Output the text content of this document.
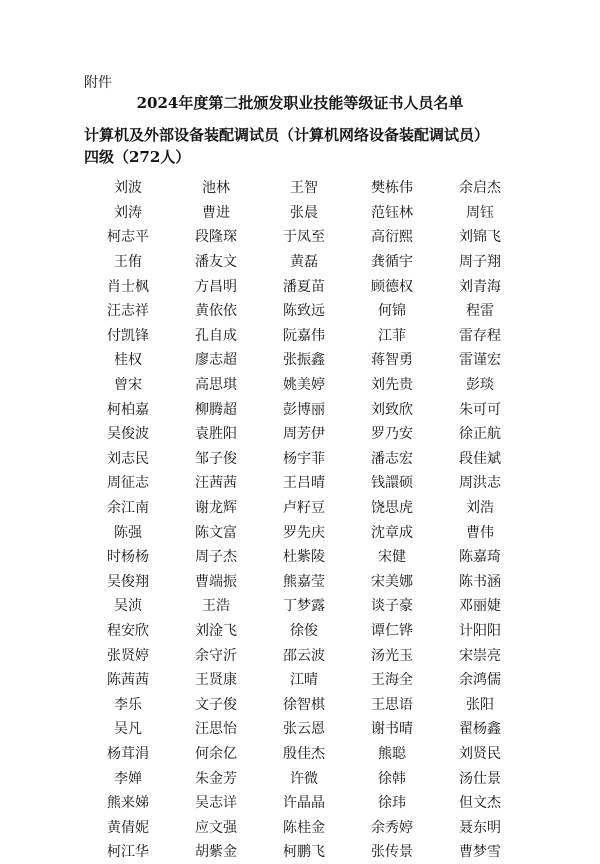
附件
2024年度第二批颁发职业技能等级证书人员名单
计算机及外部设备装配调试员（计算机网络设备装配调试员）
四级（272人）
刘波	池林	王智	樊栋伟	余启杰
刘涛	曹进	张晨	范钰林	周钰
柯志平	段隆琛	于凤至	高衍熙	刘锦飞
王侑	潘友文	黄磊	龚循宇	周子翔
肖士枫	方昌明	潘夏苗	顾德权	刘青海
汪志祥	黄依依	陈致远	何锦	程雷
付凯锋	孔自成	阮嘉伟	江菲	雷存程
桂权	廖志超	张振鑫	蒋智勇	雷谨宏
曾宋	高思琪	姚美婷	刘先贵	彭琰
柯柏嘉	柳腾超	彭博丽	刘致欣	朱可可
吴俊波	袁胜阳	周芳伊	罗乃安	徐正航
刘志民	邹子俊	杨宇菲	潘志宏	段佳斌
周征志	汪茜茜	王吕晴	钱譞硕	周洪志
余江南	谢龙辉	卢籽豆	饶思虎	刘浩
陈强	陈文富	罗先庆	沈章成	曹伟
时杨杨	周子杰	杜紫陵	宋健	陈嘉琦
吴俊翔	曹端振	熊嘉莹	宋美娜	陈书涵
吴浈	王浩	丁梦露	谈子豪	邓丽婕
程安欣	刘淦飞	徐俊	谭仁铧	计阳阳
张贤婷	余守沂	邵云波	汤光玉	宋崇亮
陈茜茜	王贤康	江晴	王海全	余鸿儒
李乐	文子俊	徐智棋	王思语	张阳
吴凡	汪思怡	张云恩	谢书晴	翟杨鑫
杨茸涓	何余亿	殷佳杰	熊聪	刘贤民
李婵	朱金芳	许微	徐韩	汤仕景
熊来娣	吴志详	许晶晶	徐玮	但文杰
黄倩妮	应文强	陈桂金	余秀婷	聂东明
柯江华	胡紫金	柯鹏飞	张传景	曹梦雪
